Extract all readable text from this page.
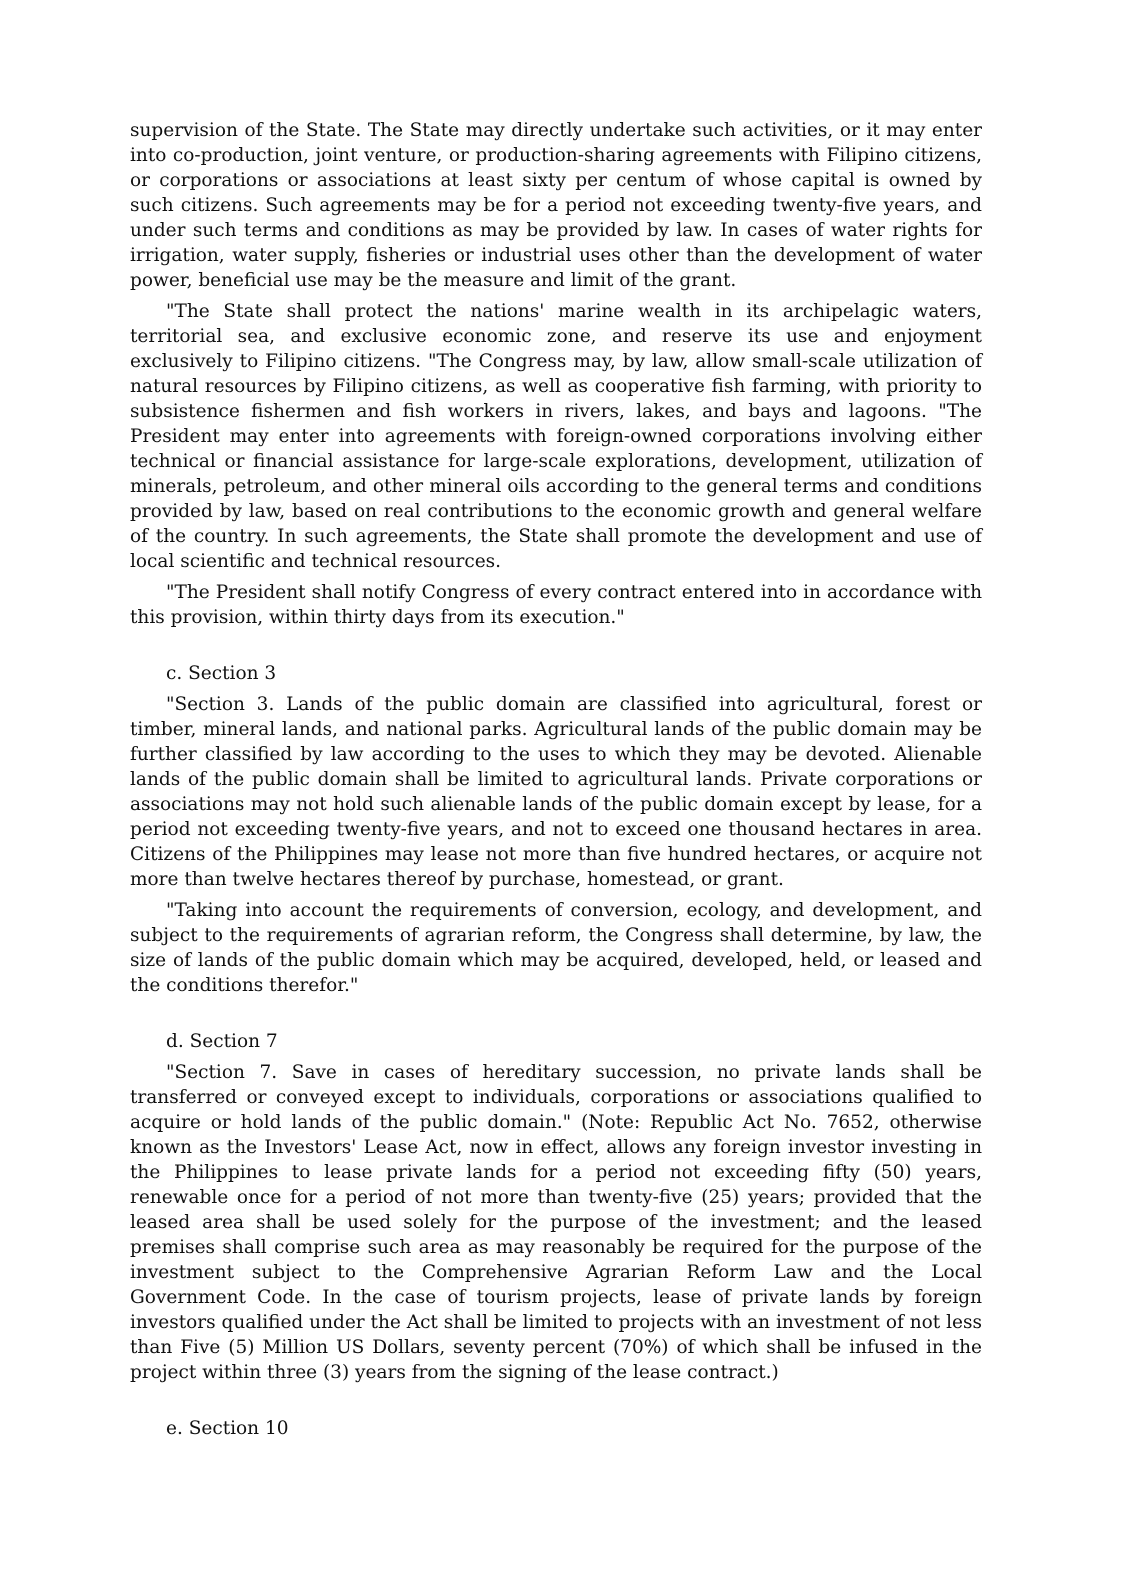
supervision of the State. The State may directly undertake such activities, or it may enter into co-production, joint venture, or production-sharing agreements with Filipino citizens, or corporations or associations at least sixty per centum of whose capital is owned by such citizens. Such agreements may be for a period not exceeding twenty-five years, and under such terms and conditions as may be provided by law. In cases of water rights for irrigation, water supply, fisheries or industrial uses other than the development of water power, beneficial use may be the measure and limit of the grant.

"The State shall protect the nations' marine wealth in its archipelagic waters, territorial sea, and exclusive economic zone, and reserve its use and enjoyment exclusively to Filipino citizens. "The Congress may, by law, allow small-scale utilization of natural resources by Filipino citizens, as well as cooperative fish farming, with priority to subsistence fishermen and fish workers in rivers, lakes, and bays and lagoons. "The President may enter into agreements with foreign-owned corporations involving either technical or financial assistance for large-scale explorations, development, utilization of minerals, petroleum, and other mineral oils according to the general terms and conditions provided by law, based on real contributions to the economic growth and general welfare of the country. In such agreements, the State shall promote the development and use of local scientific and technical resources.

"The President shall notify Congress of every contract entered into in accordance with this provision, within thirty days from its execution."

c. Section 3

"Section 3. Lands of the public domain are classified into agricultural, forest or timber, mineral lands, and national parks. Agricultural lands of the public domain may be further classified by law according to the uses to which they may be devoted. Alienable lands of the public domain shall be limited to agricultural lands. Private corporations or associations may not hold such alienable lands of the public domain except by lease, for a period not exceeding twenty-five years, and not to exceed one thousand hectares in area. Citizens of the Philippines may lease not more than five hundred hectares, or acquire not more than twelve hectares thereof by purchase, homestead, or grant.

"Taking into account the requirements of conversion, ecology, and development, and subject to the requirements of agrarian reform, the Congress shall determine, by law, the size of lands of the public domain which may be acquired, developed, held, or leased and the conditions therefor."

d. Section 7

"Section 7. Save in cases of hereditary succession, no private lands shall be transferred or conveyed except to individuals, corporations or associations qualified to acquire or hold lands of the public domain." (Note: Republic Act No. 7652, otherwise known as the Investors' Lease Act, now in effect, allows any foreign investor investing in the Philippines to lease private lands for a period not exceeding fifty (50) years, renewable once for a period of not more than twenty-five (25) years; provided that the leased area shall be used solely for the purpose of the investment; and the leased premises shall comprise such area as may reasonably be required for the purpose of the investment subject to the Comprehensive Agrarian Reform Law and the Local Government Code. In the case of tourism projects, lease of private lands by foreign investors qualified under the Act shall be limited to projects with an investment of not less than Five (5) Million US Dollars, seventy percent (70%) of which shall be infused in the project within three (3) years from the signing of the lease contract.)

e. Section 10
